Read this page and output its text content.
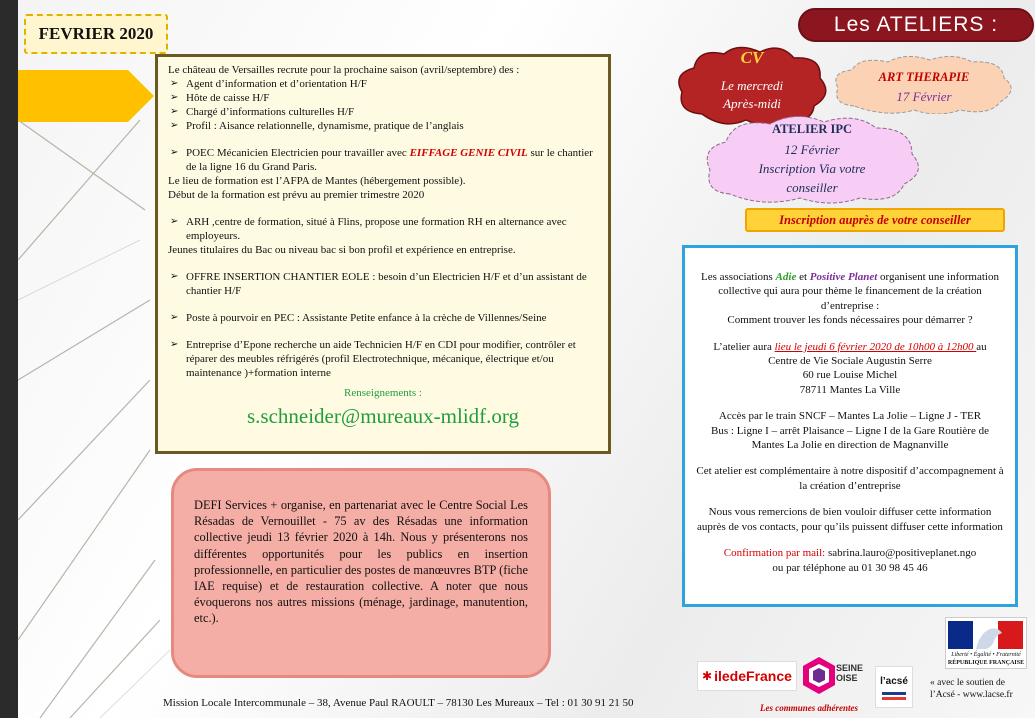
FEVRIER 2020

Le château de Versailles recrute pour la prochaine saison (avril/septembre) des :

➢ Agent d’information et d’orientation H/F
➢ Hôte de caisse H/F
➢ Chargé d’informations culturelles H/F
➢ Profil : Aisance relationnelle, dynamisme, pratique de l’anglais
➢ POEC Mécanicien Electricien pour travailler avec EIFFAGE GENIE CIVIL sur le chantier de la ligne 16 du Grand Paris.

Le lieu de formation est l’AFPA de Mantes (hébergement possible).

Début de la formation est prévu au premier trimestre 2020

➢ ARH ,centre de formation, situé à Flins, propose une formation RH en alternance avec employeurs.

Jeunes titulaires du Bac ou niveau bac si bon profil et expérience en entreprise.

➢ OFFRE INSERTION CHANTIER EOLE : besoin d’un Electricien H/F et d’un assistant de chantier H/F
➢ Poste à pourvoir en PEC : Assistante Petite enfance à la crèche de Villennes/Seine
➢ Entreprise d’Epone recherche un aide Technicien H/F en CDI pour modifier, contrôler et réparer des meubles réfrigérés (profil Electrotechnique, mécanique, électrique et/ou maintenance )+formation interne
Renseignements :
s.schneider@mureaux-mlidf.org
DEFI Services + organise, en partenariat avec le Centre Social Les Résadas de Vernouillet - 75 av des Résadas une information collective jeudi 13 février 2020 à 14h. Nous y présenterons nos différentes opportunités pour les publics en insertion professionnelle, en particulier des postes de manœuvres BTP (fiche IAE requise) et de restauration collective. A noter que nous évoquerons nos autres missions (ménage, jardinage, manutention, etc.).
Mission Locale Intercommunale – 38, Avenue Paul RAOULT – 78130 Les Mureaux – Tel : 01 30 91 21 50
Les ATELIERS :
CV
Le mercredi
Après-midi
ART THERAPIE
17 Février
ATELIER IPC
12 Février
Inscription Via votre
conseiller
Inscription auprès de votre conseiller

Les associations Adie et Positive Planet organisent une information collective qui aura pour thème le financement de la création d’entreprise :

Comment trouver les fonds nécessaires pour démarrer ?

L’atelier aura lieu le jeudi 6 février 2020 de 10h00 à 12h00 au

Centre de Vie Sociale Augustin Serre

60 rue Louise Michel

78711 Mantes La Ville

Accès par le train SNCF – Mantes La Jolie – Ligne J - TER

Bus : Ligne I – arrêt Plaisance – Ligne I de la Gare Routière de Mantes La Jolie en direction de Magnanville

Cet atelier est complémentaire à notre dispositif d’accompagnement à la création d’entreprise

Nous vous remercions de bien vouloir diffuser cette information auprès de vos contacts, pour qu’ils puissent diffuser cette information

Confirmation par mail: sabrina.lauro@positiveplanet.ngo

ou par téléphone au 01 30 98 45 46

Liberté • Égalité • Fraternité
RÉPUBLIQUE FRANÇAISE
✱ iledeFrance	SEINE
OISE	l’acsé
Les communes adhérentes
« avec le soutien de
l’Acsé - www.lacse.fr
